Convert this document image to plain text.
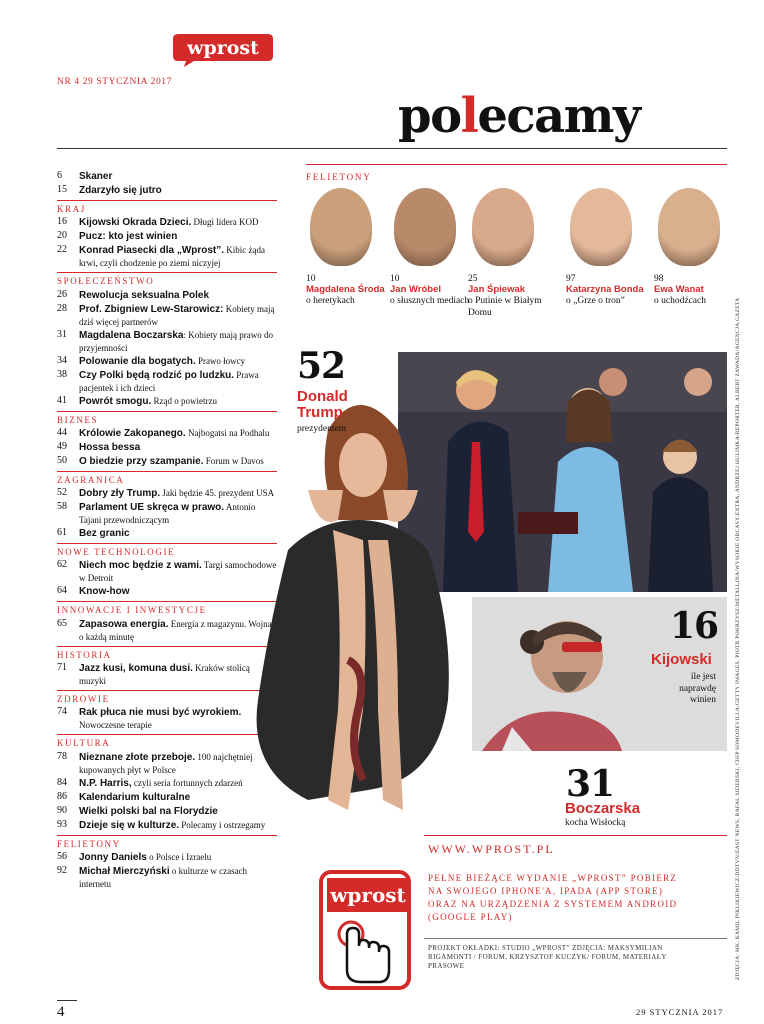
wprost
NR 4 29 STYCZNIA 2017
polecamy
6	Skaner
15	Zdarzyło się jutro
KRAJ
16	Kijowski Okrada Dzieci. Długi lidera KOD
20	Pucz: kto jest winien
22	Konrad Piasecki dla „Wprost”. Kibic żąda krwi, czyli chodzenie po ziemi niczyjej
SPOŁECZEŃSTWO
26	Rewolucja seksualna Polek
28	Prof. Zbigniew Lew-Starowicz: Kobiety mają dziś więcej partnerów
31	Magdalena Boczarska: Kobiety mają prawo do przyjemności
34	Polowanie dla bogatych. Prawo łowcy
38	Czy Polki będą rodzić po ludzku. Prawa pacjentek i ich dzieci
41	Powrót smogu. Rząd o powietrzu
BIZNES
44	Królowie Zakopanego. Najbogatsi na Podhalu
49	Hossa bessa
50	O biedzie przy szampanie. Forum w Davos
ZAGRANICA
52	Dobry zły Trump. Jaki będzie 45. prezydent USA
58	Parlament UE skręca w prawo. Antonio Tajani przewodniczącym
61	Bez granic
NOWE TECHNOLOGIE
62	Niech moc będzie z wami. Targi samochodowe w Detroit
64	Know-how
INNOWACJE I INWESTYCJE
65	Zapasowa energia. Energia z magazynu. Wojna o każdą minutę
HISTORIA
71	Jazz kusi, komuna dusi. Kraków stolicą muzyki
ZDROWIE
74	Rak płuca nie musi być wyrokiem. Nowoczesne terapie
KULTURA
78	Nieznane złote przeboje. 100 najchętniej kupowanych płyt w Polsce
84	N.P. Harris, czyli seria fortunnych zdarzeń
86	Kalendarium kulturalne
90	Wielki polski bal na Florydzie
93	Dzieje się w kulturze. Polecamy i ostrzegamy
FELIETONY
56	Jonny Daniels o Polsce i Izraelu
92	Michał Mierczyński o kulturze w czasach internetu
FELIETONY
10
Magdalena Środa
o heretykach
10
Jan Wróbel
o słusznych mediach
25
Jan Śpiewak
o Putinie w Białym Domu
97
Katarzyna Bonda
o „Grze o tron”
98
Ewa Wanat
o uchodźcach
52
Donald Trump
prezydentem
16
Kijowski
ile jest naprawdę winien
31
Boczarska
kocha Wisłocką
WWW.WPROST.PL
wprost
PEŁNE BIEŻĄCE WYDANIE „WPROST” POBIERZ NA SWOJEGO IPHONE'A, IPADA (APP STORE) ORAZ NA URZĄDZENIA Z SYSTEMEM ANDROID (GOOGLE PLAY)
PROJEKT OKŁADKI: STUDIO „WPROST” ZDJĘCIA: MAKSYMILIAN RIGAMONTI / FORUM, KRZYSZTOF KUCZYK/ FORUM, MATERIAŁY PRASOWE	ZDJĘCIA: MK, KAMIL PIKLIKIEWICZ/DDTVN/EAST NEWS, RAFAŁ SIDERSKI, CHIP SOMODEVILLA/GETTY IMAGES, PIOTR POKRZYSZ/METALLINA/WYSOKIE OBCASY EXTRA, ANDRZEJ HULIMKA/REPORTER, ALBERT ZAWADA/AGENCJA GAZETA
4	29 STYCZNIA 2017
